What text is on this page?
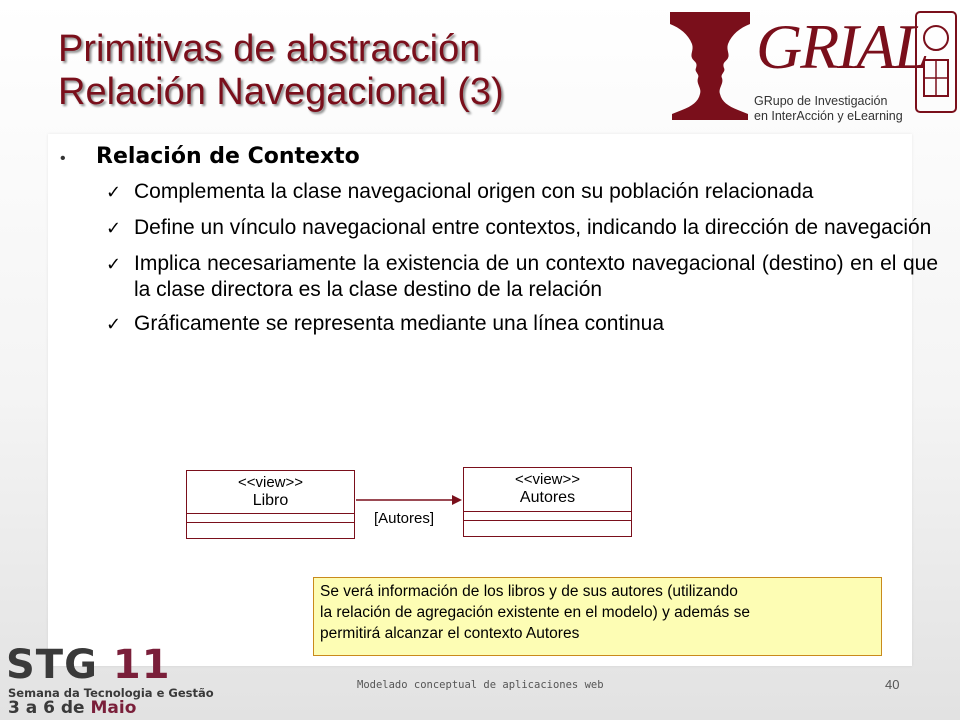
Primitivas de abstracción
Relación Navegacional (3)
GRIAL
GRupo de Investigación
en InterAcción y eLearning
•	Relación de Contexto
✓ Complementa la clase navegacional origen con su población relacionada
✓ Define un vínculo navegacional entre contextos, indicando la dirección de navegación
✓ Implica necesariamente la existencia de un contexto navegacional (destino) en el que la clase directora es la clase destino de la relación
✓ Gráficamente se representa mediante una línea continua
<<view>>
Libro
<<view>>
Autores
[Autores]
Se verá información de los libros y de sus autores (utilizando
la relación de agregación existente en el modelo) y además se
permitirá alcanzar el contexto Autores
STG 11
Semana da Tecnologia e Gestão
3 a 6 de Maio
Modelado conceptual de aplicaciones web	40
